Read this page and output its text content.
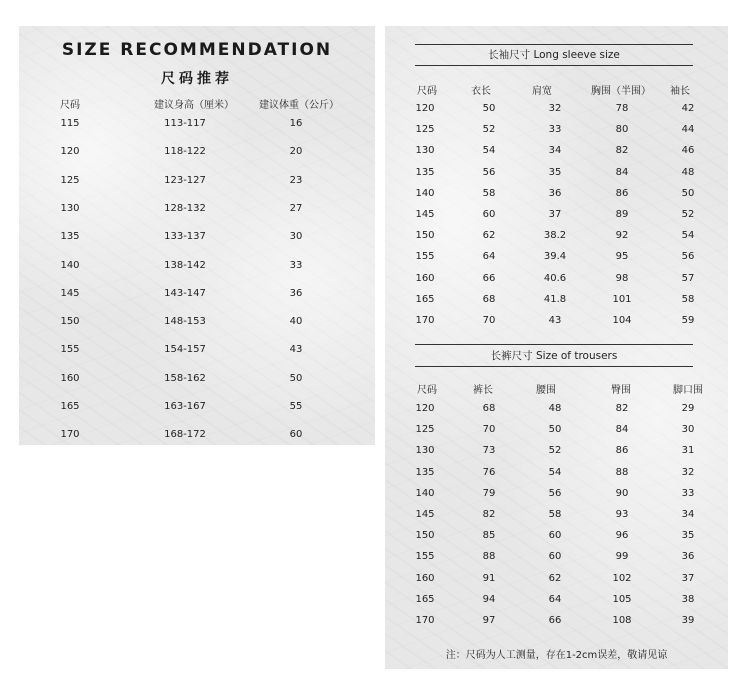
SIZE RECOMMENDATION
尺码推荐
尺码	建议身高（厘米）	建议体重（公斤）
115	113-117	16
120	118-122	20
125	123-127	23
130	128-132	27
135	133-137	30
140	138-142	33
145	143-147	36
150	148-153	40
155	154-157	43
160	158-162	50
165	163-167	55
170	168-172	60
长袖尺寸 Long sleeve size
尺码	衣长	肩宽	胸围（半围） 袖长
120	50	32	78	42
125	52	33	80	44
130	54	34	82	46
135	56	35	84	48
140	58	36	86	50
145	60	37	89	52
150	62	38.2	92	54
155	64	39.4	95	56
160	66	40.6	98	57
165	68	41.8	101	58
170	70	43	104	59
长裤尺寸 Size of trousers
尺码	裤长	腰围	臀围	脚口围
120	68	48	82	29
125	70	50	84	30
130	73	52	86	31
135	76	54	88	32
140	79	56	90	33
145	82	58	93	34
150	85	60	96	35
155	88	60	99	36
160	91	62	102	37
165	94	64	105	38
170	97	66	108	39
注：尺码为人工测量，存在1-2cm误差，敬请见谅
